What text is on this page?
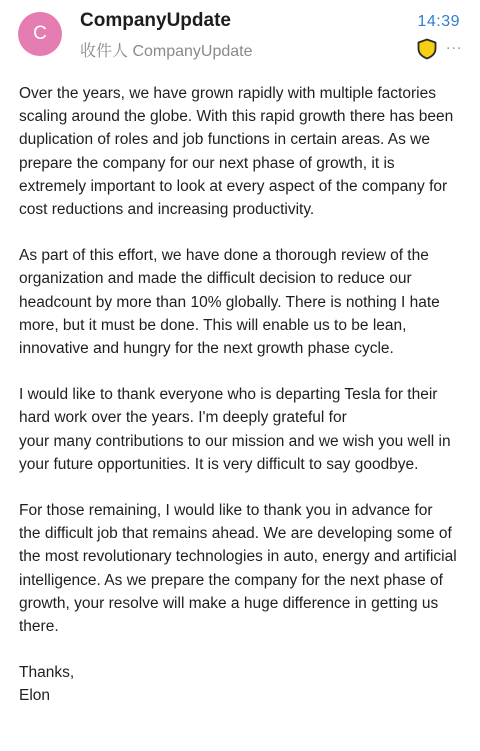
C
CompanyUpdate
收件人 CompanyUpdate
14:39
...
Over the years, we have grown rapidly with multiple factories
scaling around the globe. With this rapid growth there has been
duplication of roles and job functions in certain areas. As we
prepare the company for our next phase of growth, it is
extremely important to look at every aspect of the company for
cost reductions and increasing productivity.
As part of this effort, we have done a thorough review of the
organization and made the difficult decision to reduce our
headcount by more than 10% globally. There is nothing I hate
more, but it must be done. This will enable us to be lean,
innovative and hungry for the next growth phase cycle.
I would like to thank everyone who is departing Tesla for their
hard work over the years. I'm deeply grateful for
your many contributions to our mission and we wish you well in
your future opportunities. It is very difficult to say goodbye.
For those remaining, I would like to thank you in advance for
the difficult job that remains ahead. We are developing some of
the most revolutionary technologies in auto, energy and artificial
intelligence. As we prepare the company for the next phase of
growth, your resolve will make a huge difference in getting us
there.
Thanks,
Elon
